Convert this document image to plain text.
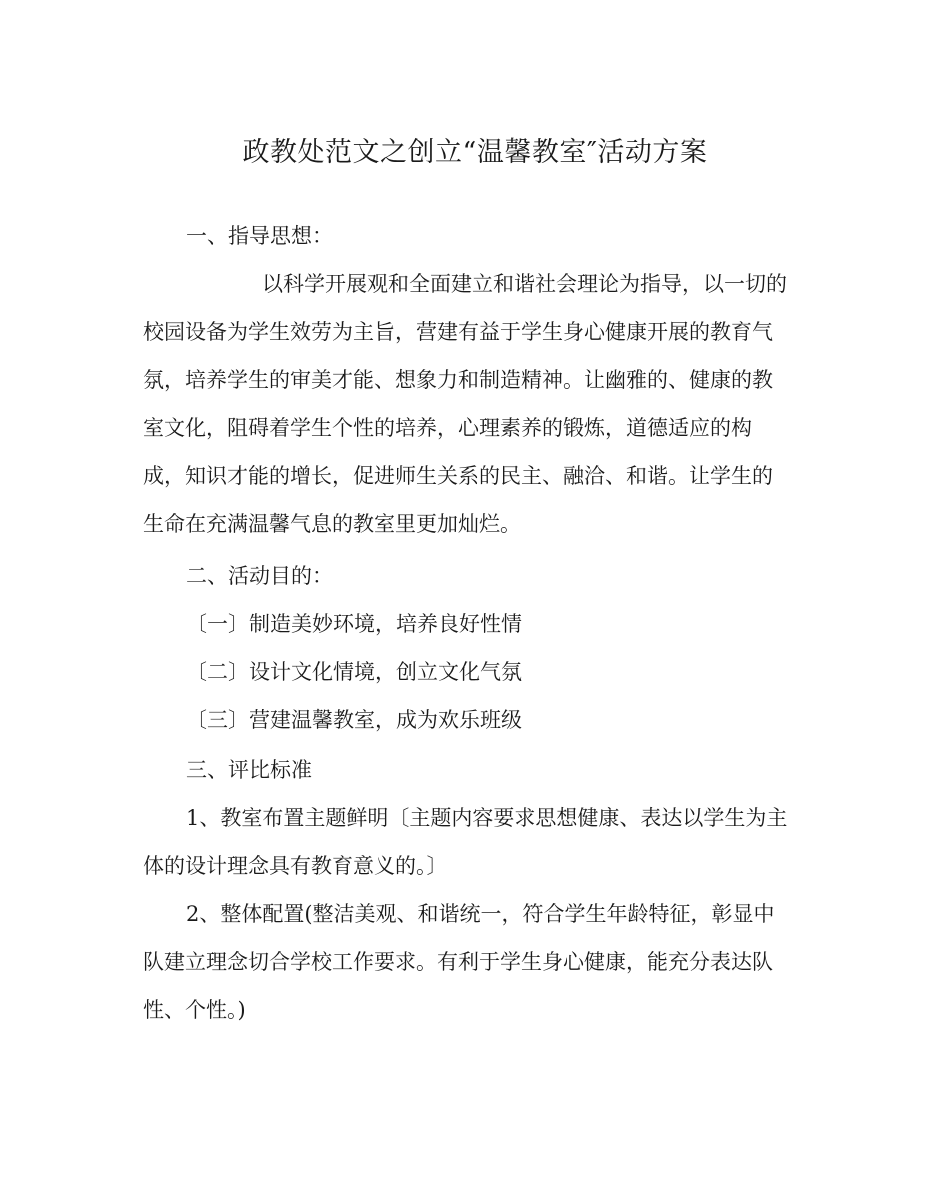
政教处范文之创立“温馨教室″活动方案
一、指导思想：
以科学开展观和全面建立和谐社会理论为指导，以一切的
校园设备为学生效劳为主旨，营建有益于学生身心健康开展的教育气
氛，培养学生的审美才能、想象力和制造精神。让幽雅的、健康的教
室文化，阻碍着学生个性的培养，心理素养的锻炼，道德适应的构
成，知识才能的增长，促进师生关系的民主、融洽、和谐。让学生的
生命在充满温馨气息的教室里更加灿烂。
二、活动目的：
〔一〕制造美妙环境，培养良好性情
〔二〕设计文化情境，创立文化气氛
〔三〕营建温馨教室，成为欢乐班级
三、评比标准
1、教室布置主题鲜明〔主题内容要求思想健康、表达以学生为主
体的设计理念具有教育意义的。〕
2、整体配置(整洁美观、和谐统一，符合学生年龄特征，彰显中
队建立理念切合学校工作要求。有利于学生身心健康，能充分表达队
性、个性。)
